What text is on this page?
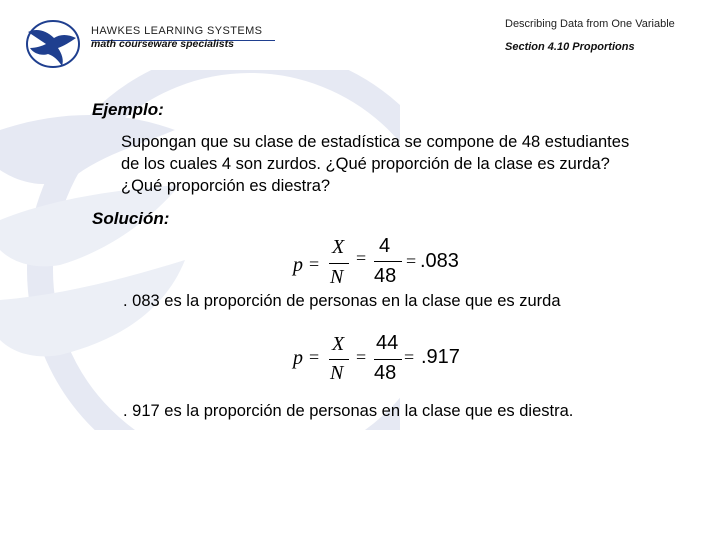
HAWKES LEARNING SYSTEMS
math courseware specialists
Describing Data from One Variable
Section 4.10 Proportions
Ejemplo:
Supongan que su clase de estadística se compone de 48 estudiantes de los cuales 4 son zurdos. ¿Qué proporción de la clase es zurda? ¿Qué proporción es diestra?
Solución:
p =
X
N
=
4
48
= .083
. 083 es la proporción de personas en la clase que es zurda
p =
X
N
=
44
48
= .917
. 917 es la proporción de personas en la clase que es diestra.
